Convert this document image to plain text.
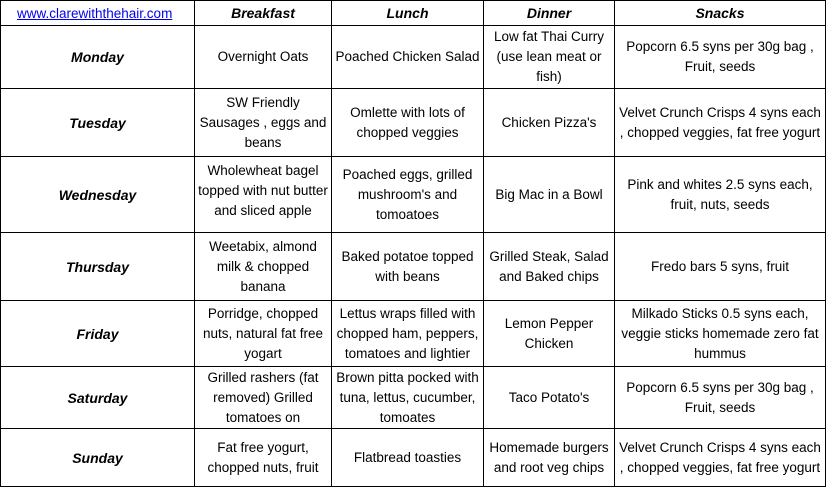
www.clarewiththehair.com	Breakfast	Lunch	Dinner	Snacks
Monday	Overnight Oats	Poached Chicken Salad	Low fat Thai Curry (use lean meat or fish)	Popcorn 6.5 syns per 30g bag , Fruit, seeds
Tuesday	SW Friendly Sausages , eggs and beans	Omlette with lots of chopped veggies	Chicken Pizza's	Velvet Crunch Crisps 4 syns each , chopped veggies, fat free yogurt
Wednesday	Wholewheat bagel topped with nut butter and sliced apple	Poached eggs, grilled mushroom's and tomoatoes	Big Mac in a Bowl	Pink and whites 2.5 syns each, fruit, nuts, seeds
Thursday	Weetabix, almond milk & chopped banana	Baked potatoe topped with beans	Grilled Steak, Salad and Baked chips	Fredo bars 5 syns, fruit
Friday	Porridge, chopped nuts, natural fat free yogart	Lettus wraps filled with chopped ham, peppers, tomatoes and lightier	Lemon Pepper Chicken	Milkado Sticks 0.5 syns each, veggie sticks homemade zero fat hummus
Saturday	Grilled rashers (fat removed) Grilled tomatoes on	Brown pitta pocked with tuna, lettus, cucumber, tomoates	Taco Potato's	Popcorn 6.5 syns per 30g bag , Fruit, seeds
Sunday	Fat free yogurt, chopped nuts, fruit	Flatbread toasties	Homemade burgers and root veg chips	Velvet Crunch Crisps 4 syns each , chopped veggies, fat free yogurt
